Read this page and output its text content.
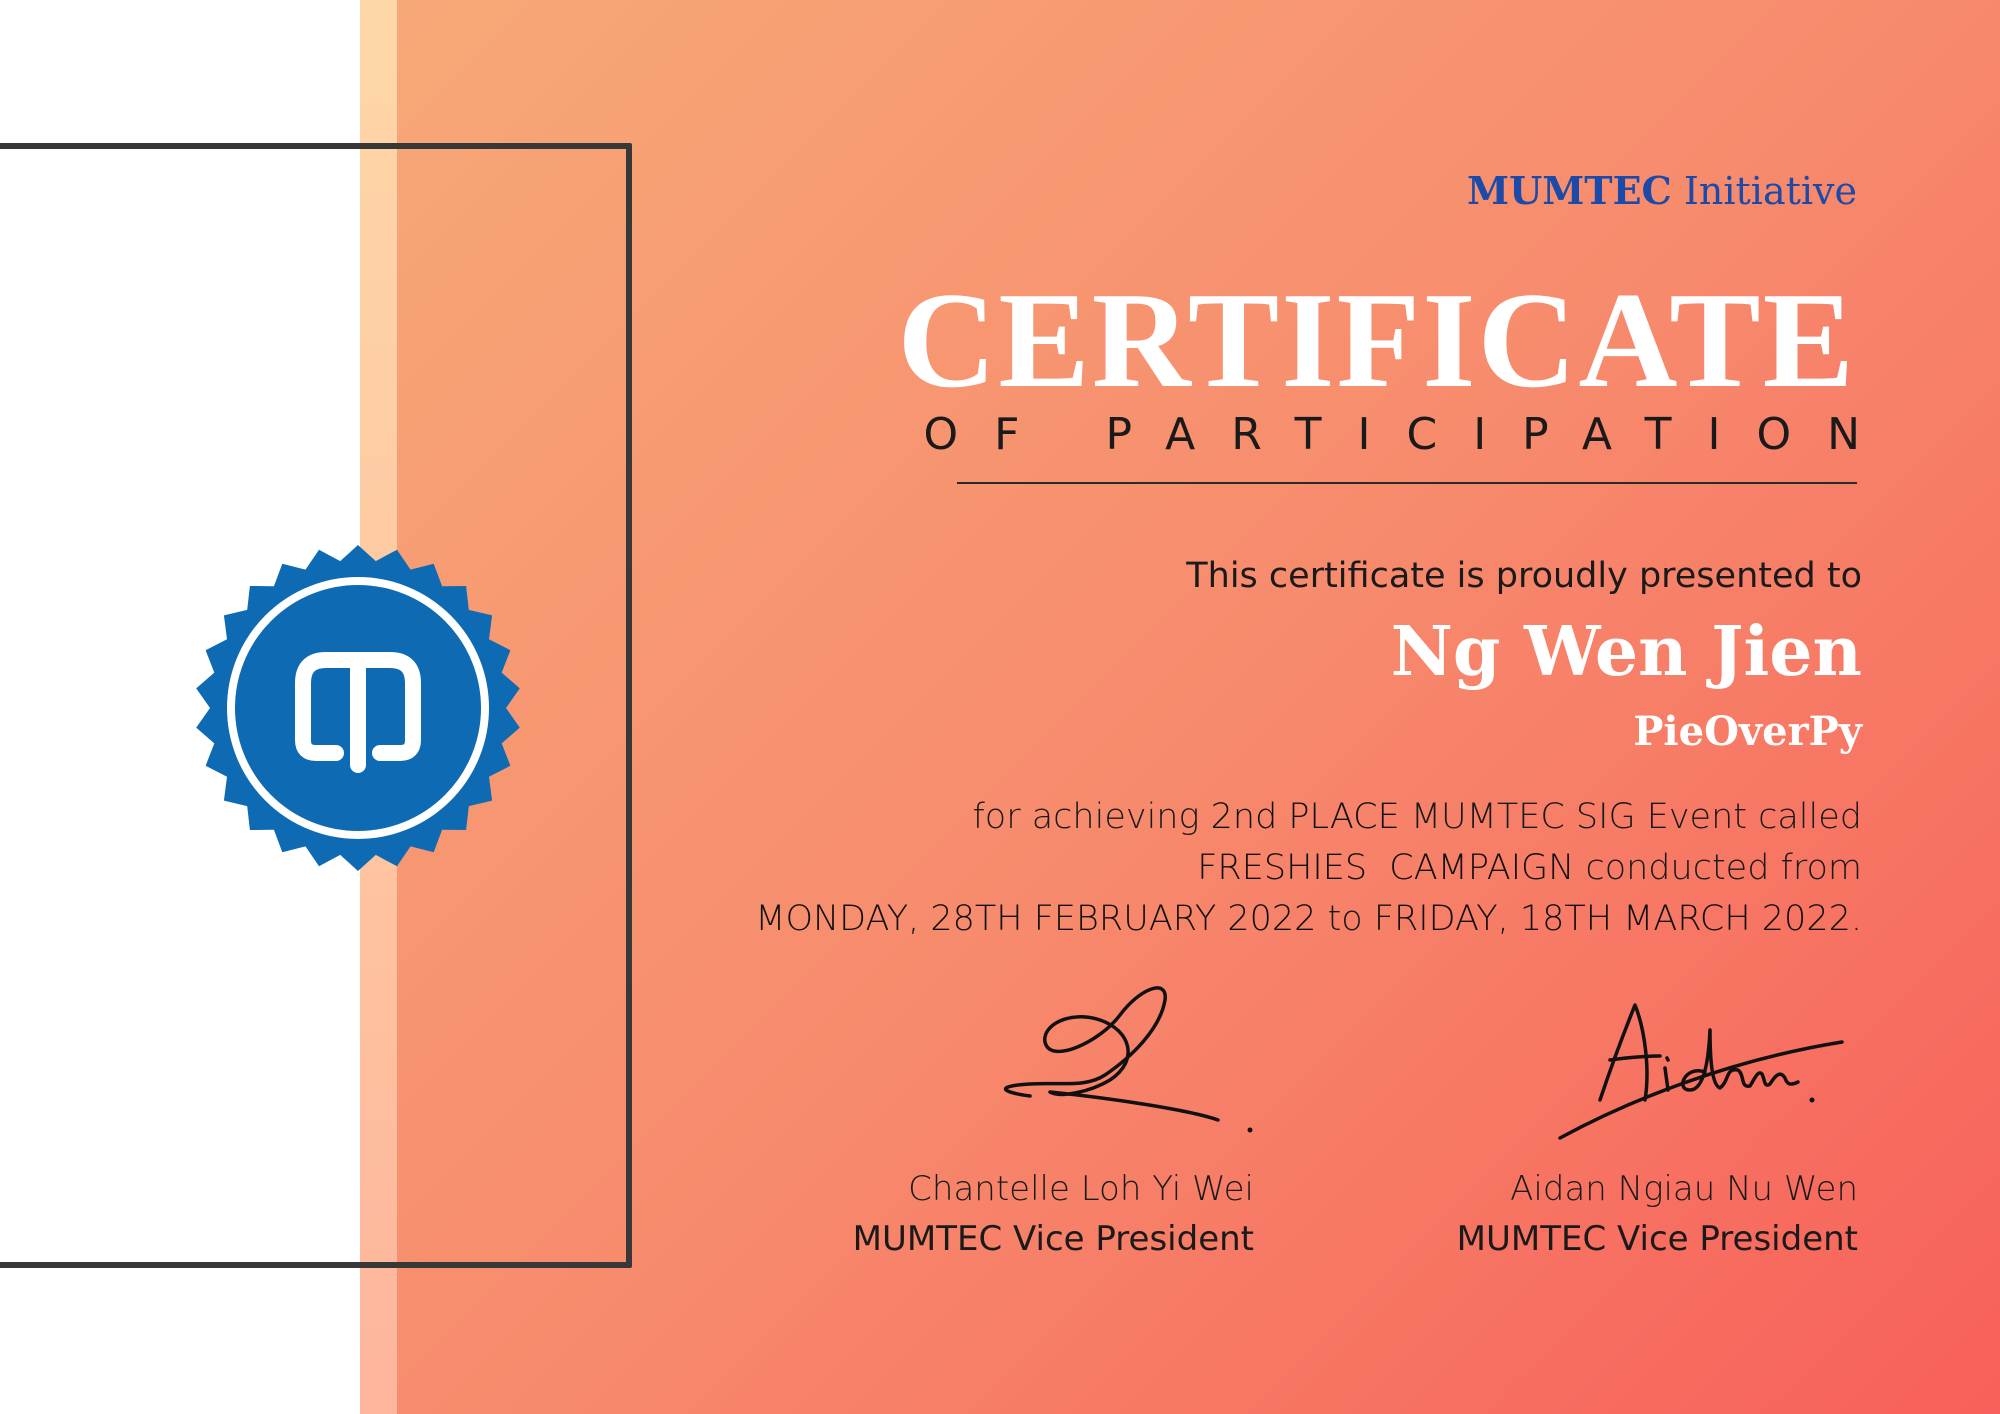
MUMTEC Initiative
CERTIFICATE
OF PARTICIPATION
This certificate is proudly presented to
Ng Wen Jien
PieOverPy
for achieving 2nd PLACE MUMTEC SIG Event called
FRESHIES  CAMPAIGN conducted from
MONDAY, 28TH FEBRUARY 2022 to FRIDAY, 18TH MARCH 2022.
Chantelle Loh Yi Wei
MUMTEC Vice President
Aidan Ngiau Nu Wen
MUMTEC Vice President
